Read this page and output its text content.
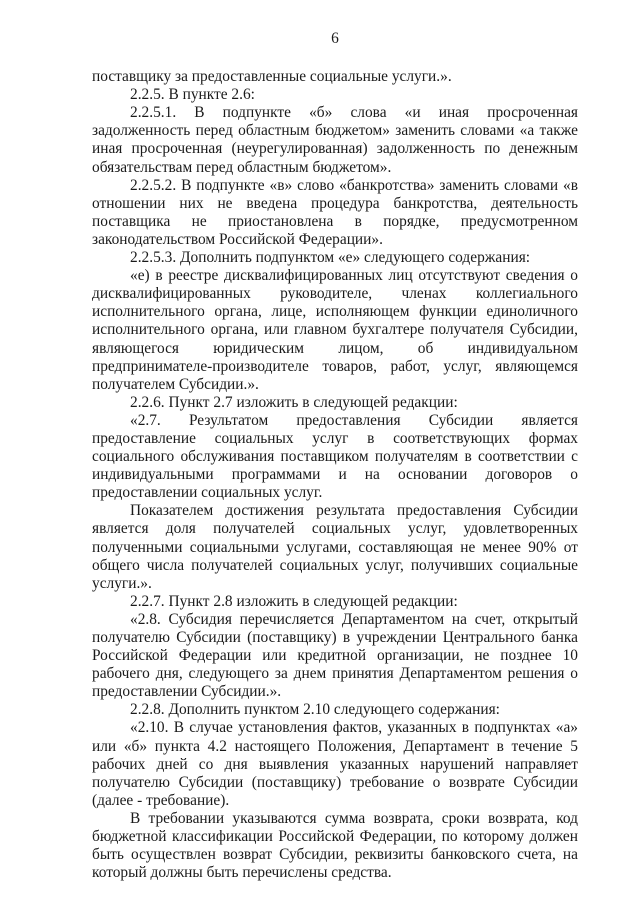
6

поставщику за предоставленные социальные услуги.».

2.2.5. В пункте 2.6:

2.2.5.1. В подпункте «б» слова «и иная просроченная задолженность перед областным бюджетом» заменить словами «а также иная просроченная (неурегулированная) задолженность по денежным обязательствам перед областным бюджетом».

2.2.5.2. В подпункте «в» слово «банкротства» заменить словами «в отношении них не введена процедура банкротства, деятельность поставщика не приостановлена в порядке, предусмотренном законодательством Российской Федерации».

2.2.5.3. Дополнить подпунктом «е» следующего содержания:

«е) в реестре дисквалифицированных лиц отсутствуют сведения о дисквалифицированных руководителе, членах коллегиального исполнительного органа, лице, исполняющем функции единоличного исполнительного органа, или главном бухгалтере получателя Субсидии, являющегося юридическим лицом, об индивидуальном предпринимателе-производителе товаров, работ, услуг, являющемся получателем Субсидии.».

2.2.6. Пункт 2.7 изложить в следующей редакции:

«2.7. Результатом предоставления Субсидии является предоставление социальных услуг в соответствующих формах социального обслуживания поставщиком получателям в соответствии с индивидуальными программами и на основании договоров о предоставлении социальных услуг.

Показателем достижения результата предоставления Субсидии является доля получателей социальных услуг, удовлетворенных полученными социальными услугами, составляющая не менее 90% от общего числа получателей социальных услуг, получивших социальные услуги.».

2.2.7. Пункт 2.8 изложить в следующей редакции:

«2.8. Субсидия перечисляется Департаментом на счет, открытый получателю Субсидии (поставщику) в учреждении Центрального банка Российской Федерации или кредитной организации, не позднее 10 рабочего дня, следующего за днем принятия Департаментом решения о предоставлении Субсидии.».

2.2.8. Дополнить пунктом 2.10 следующего содержания:

«2.10. В случае установления фактов, указанных в подпунктах «а» или «б» пункта 4.2 настоящего Положения, Департамент в течение 5 рабочих дней со дня выявления указанных нарушений направляет получателю Субсидии (поставщику) требование о возврате Субсидии (далее - требование).

В требовании указываются сумма возврата, сроки возврата, код бюджетной классификации Российской Федерации, по которому должен быть осуществлен возврат Субсидии, реквизиты банковского счета, на который должны быть перечислены средства.
